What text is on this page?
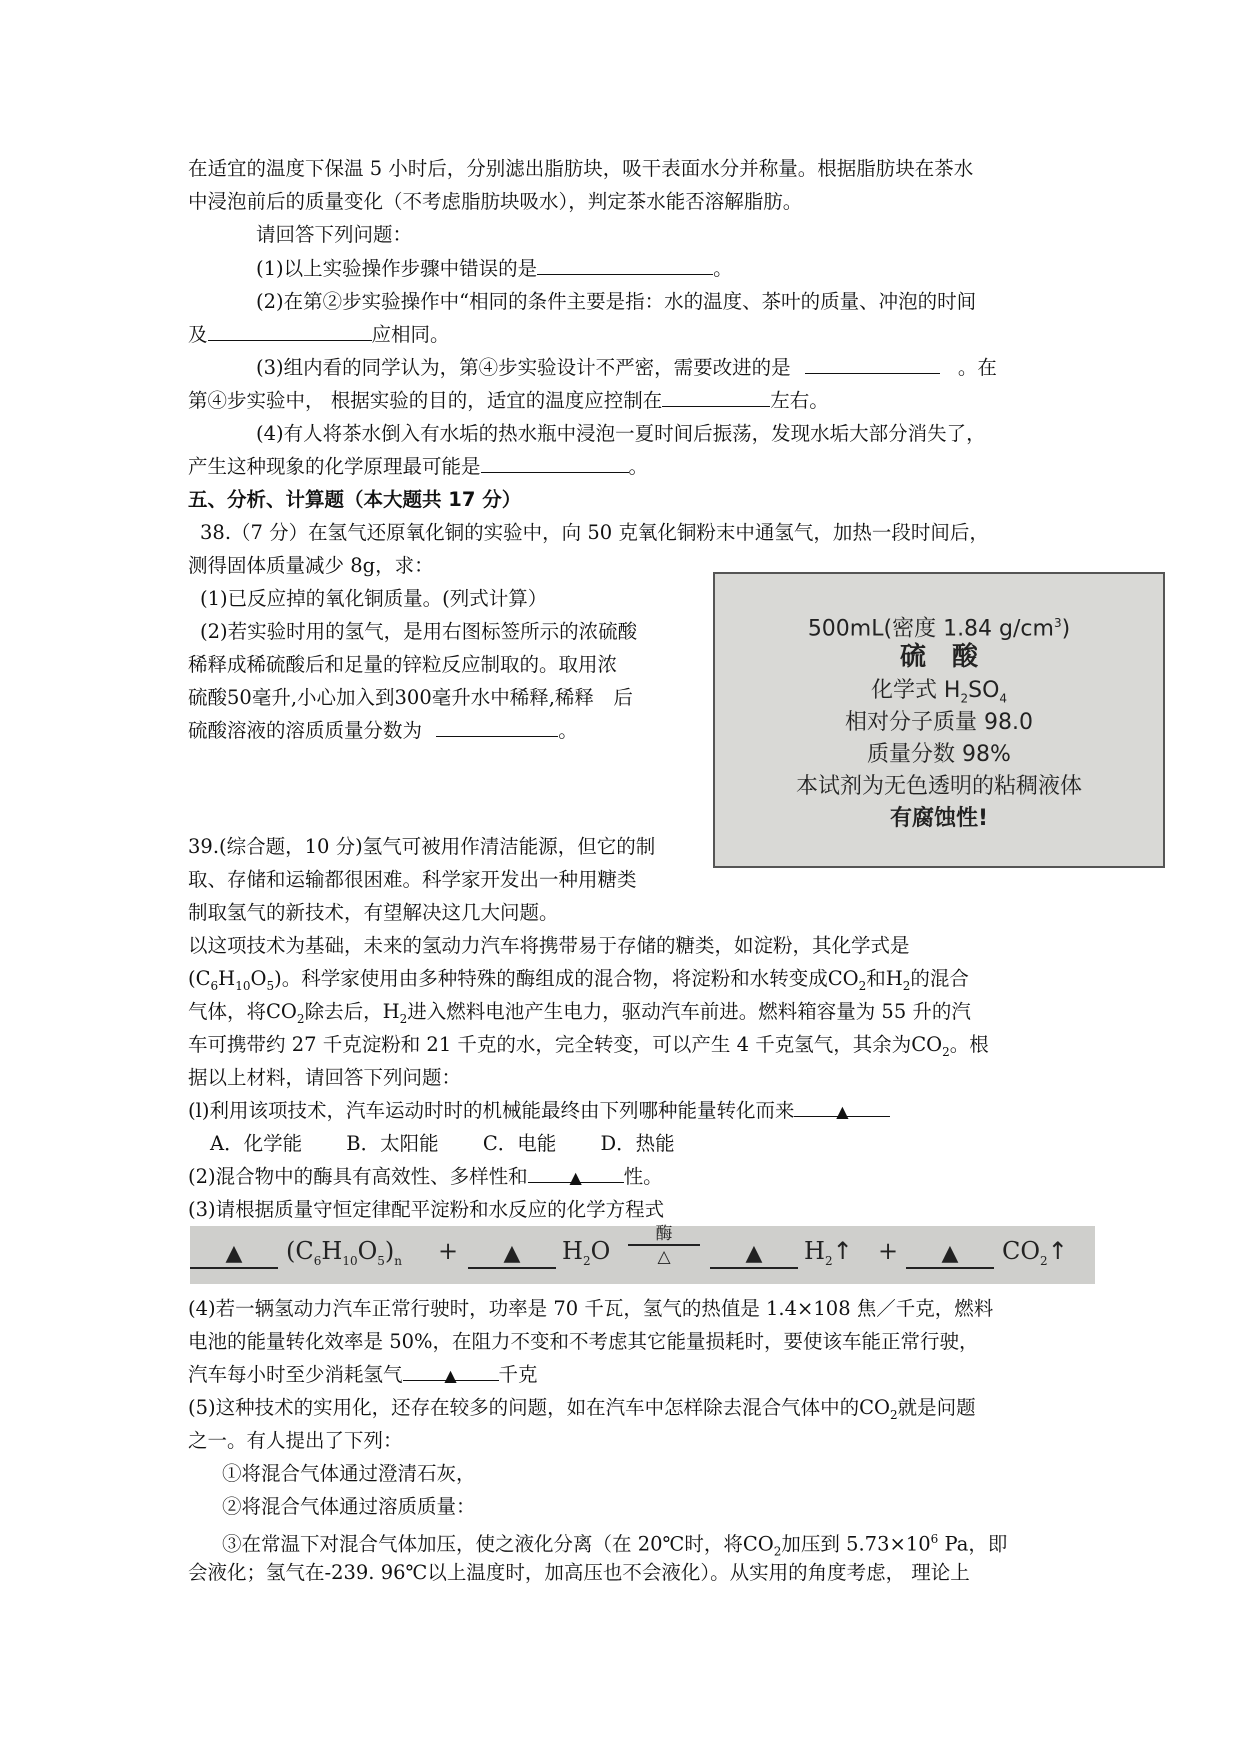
在适宜的温度下保温 5 小时后，分别滤出脂肪块，吸干表面水分并称量。根据脂肪块在茶水
中浸泡前后的质量变化（不考虑脂肪块吸水），判定茶水能否溶解脂肪。
请回答下列问题：
(1)以上实验操作步骤中错误的是	。
(2)在第②步实验操作中“相同的条件主要是指：水的温度、茶叶的质量、冲泡的时间
及	应相同。
(3)组内看的同学认为，第④步实验设计不严密，需要改进的是	。在
第④步实验中， 根据实验的目的，适宜的温度应控制在	左右。
(4)有人将茶水倒入有水垢的热水瓶中浸泡一夏时间后振荡，发现水垢大部分消失了，
产生这种现象的化学原理最可能是	。
五、分析、计算题（本大题共 17 分）
38.（7 分）在氢气还原氧化铜的实验中，向 50 克氧化铜粉末中通氢气，加热一段时间后，
测得固体质量减少 8g，求：
(1)已反应掉的氧化铜质量。(列式计算）
(2)若实验时用的氢气，是用右图标签所示的浓硫酸
稀释成稀硫酸后和足量的锌粒反应制取的。取用浓
硫酸50毫升,小心加入到300毫升水中稀释,稀释　后
硫酸溶液的溶质质量分数为	。
500mL(密度 1.84 $g/cm^3$)
硫　酸
化学式 $H_2SO_4$
相对分子质量 98.0
质量分数 98%
本试剂为无色透明的粘稠液体
有腐蚀性!
39.(综合题，10 分)氢气可被用作清洁能源，但它的制
取、存储和运输都很困难。科学家开发出一种用糖类
制取氢气的新技术，有望解决这几大问题。
以这项技术为基础，未来的氢动力汽车将携带易于存储的糖类，如淀粉，其化学式是
$(C_6H_{10}O_5)$。科学家使用由多种特殊的酶组成的混合物，将淀粉和水转变成$CO_2$和$H_2$的混合
气体，将$CO_2$除去后，$H_2$进入燃料电池产生电力，驱动汽车前进。燃料箱容量为 55 升的汽
车可携带约 27 千克淀粉和 21 千克的水，完全转变，可以产生 4 千克氢气，其余为$CO_2$。根
据以上材料，请回答下列问题：
(l)利用该项技术，汽车运动时时的机械能最终由下列哪种能量转化而来	▲
A．化学能 B．太阳能 C．电能 D．热能
(2)混合物中的酶具有高效性、多样性和	▲ 性。
(3)请根据质量守恒定律配平淀粉和水反应的化学方程式
▲	$(C_6H_{10}O_5)_n$ +	▲	$H_2O$
酶
△	▲	$H_2↑$ +	▲	$CO_2↑$
(4)若一辆氢动力汽车正常行驶时，功率是 70 千瓦，氢气的热值是 1.4×108 焦／千克，燃料
电池的能量转化效率是 50%，在阻力不变和不考虑其它能量损耗时，要使该车能正常行驶，
汽车每小时至少消耗氢气	▲ 千克
(5)这种技术的实用化，还存在较多的问题，如在汽车中怎样除去混合气体中的$CO_2$就是问题
之一。有人提出了下列：
①将混合气体通过澄清石灰，
②将混合气体通过溶质质量：
③在常温下对混合气体加压，使之液化分离（在 20℃时，将$CO_2$加压到 $5.73\times 10^6$ Pa，即
会液化；氢气在-239. 96℃以上温度时，加高压也不会液化）。从实用的角度考虑， 理论上
